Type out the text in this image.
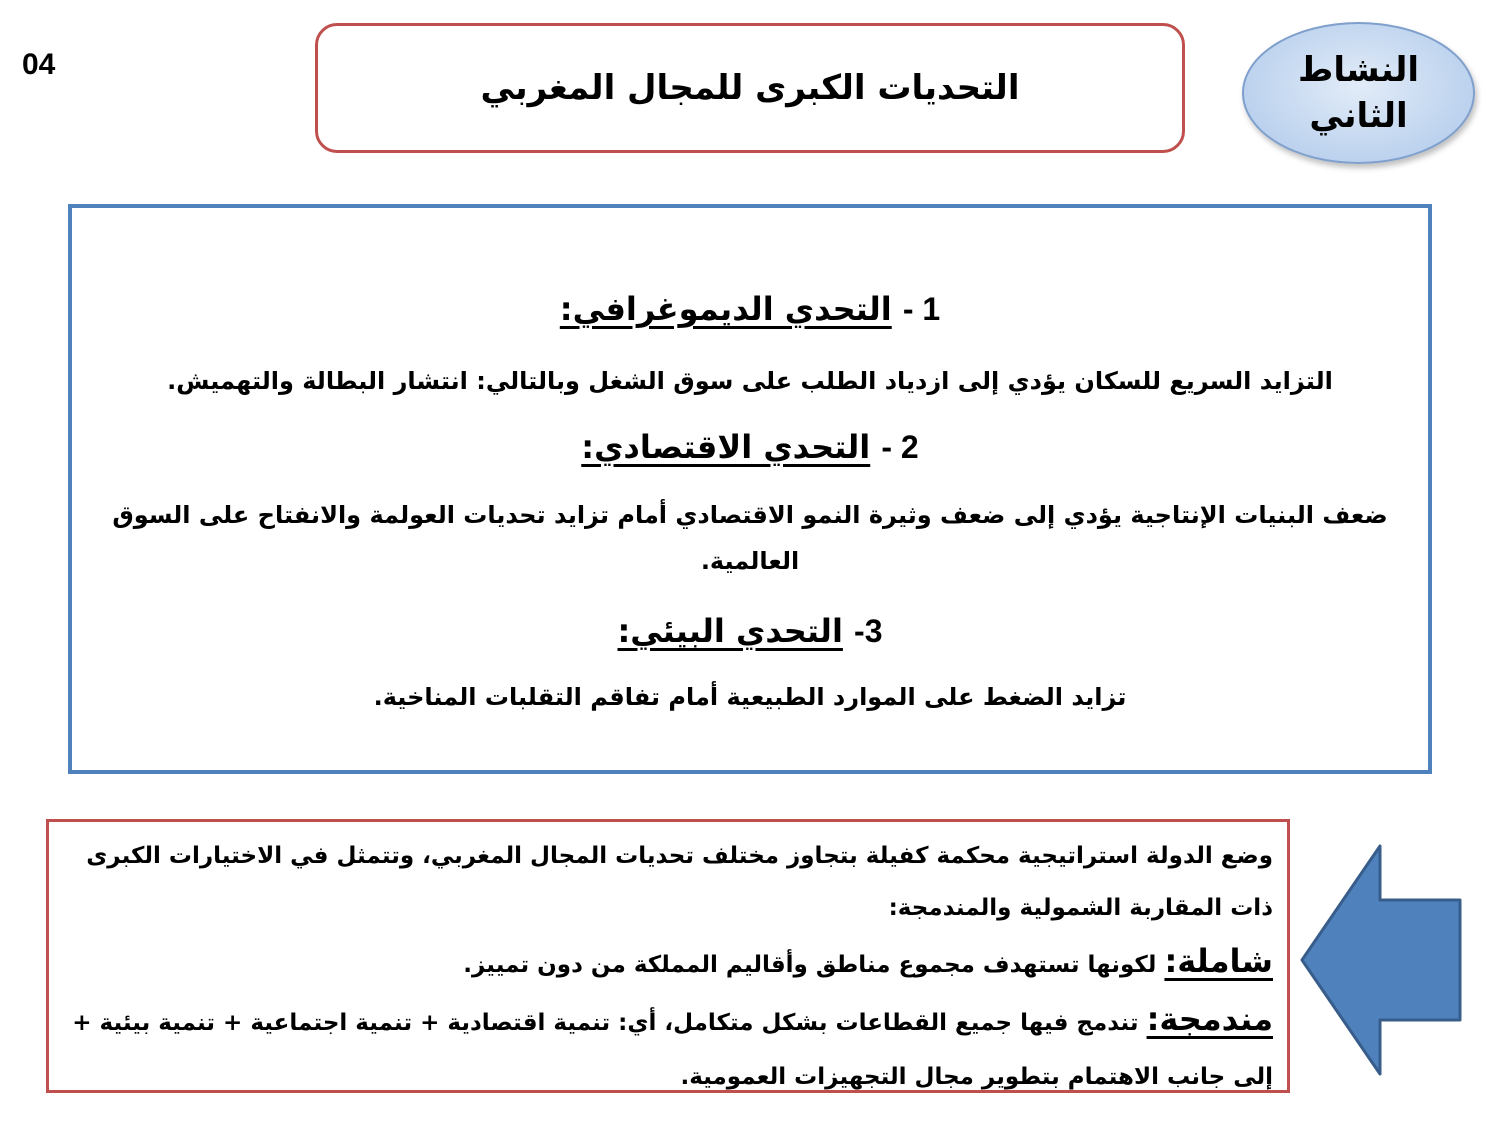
04
التحديات الكبرى للمجال المغربي	النشاط
الثاني
1 - التحدي الديموغرافي:
التزايد السريع للسكان يؤدي إلى ازدياد الطلب على سوق الشغل وبالتالي: انتشار البطالة والتهميش.
2 - التحدي الاقتصادي:
ضعف البنيات الإنتاجية يؤدي إلى ضعف وثيرة النمو الاقتصادي أمام تزايد تحديات العولمة والانفتاح على السوق العالمية.
3- التحدي البيئي:
تزايد الضغط على الموارد الطبيعية أمام تفاقم التقلبات المناخية.

وضع الدولة استراتيجية محكمة كفيلة بتجاوز مختلف تحديات المجال المغربي، وتتمثل في الاختيارات الكبرى ذات المقاربة الشمولية والمندمجة:

شاملة: لكونها تستهدف مجموع مناطق وأقاليم المملكة من دون تمييز.

مندمجة: تندمج فيها جميع القطاعات بشكل متكامل، أي: تنمية اقتصادية + تنمية اجتماعية + تنمية بيئية + إلى جانب الاهتمام بتطوير مجال التجهيزات العمومية.
